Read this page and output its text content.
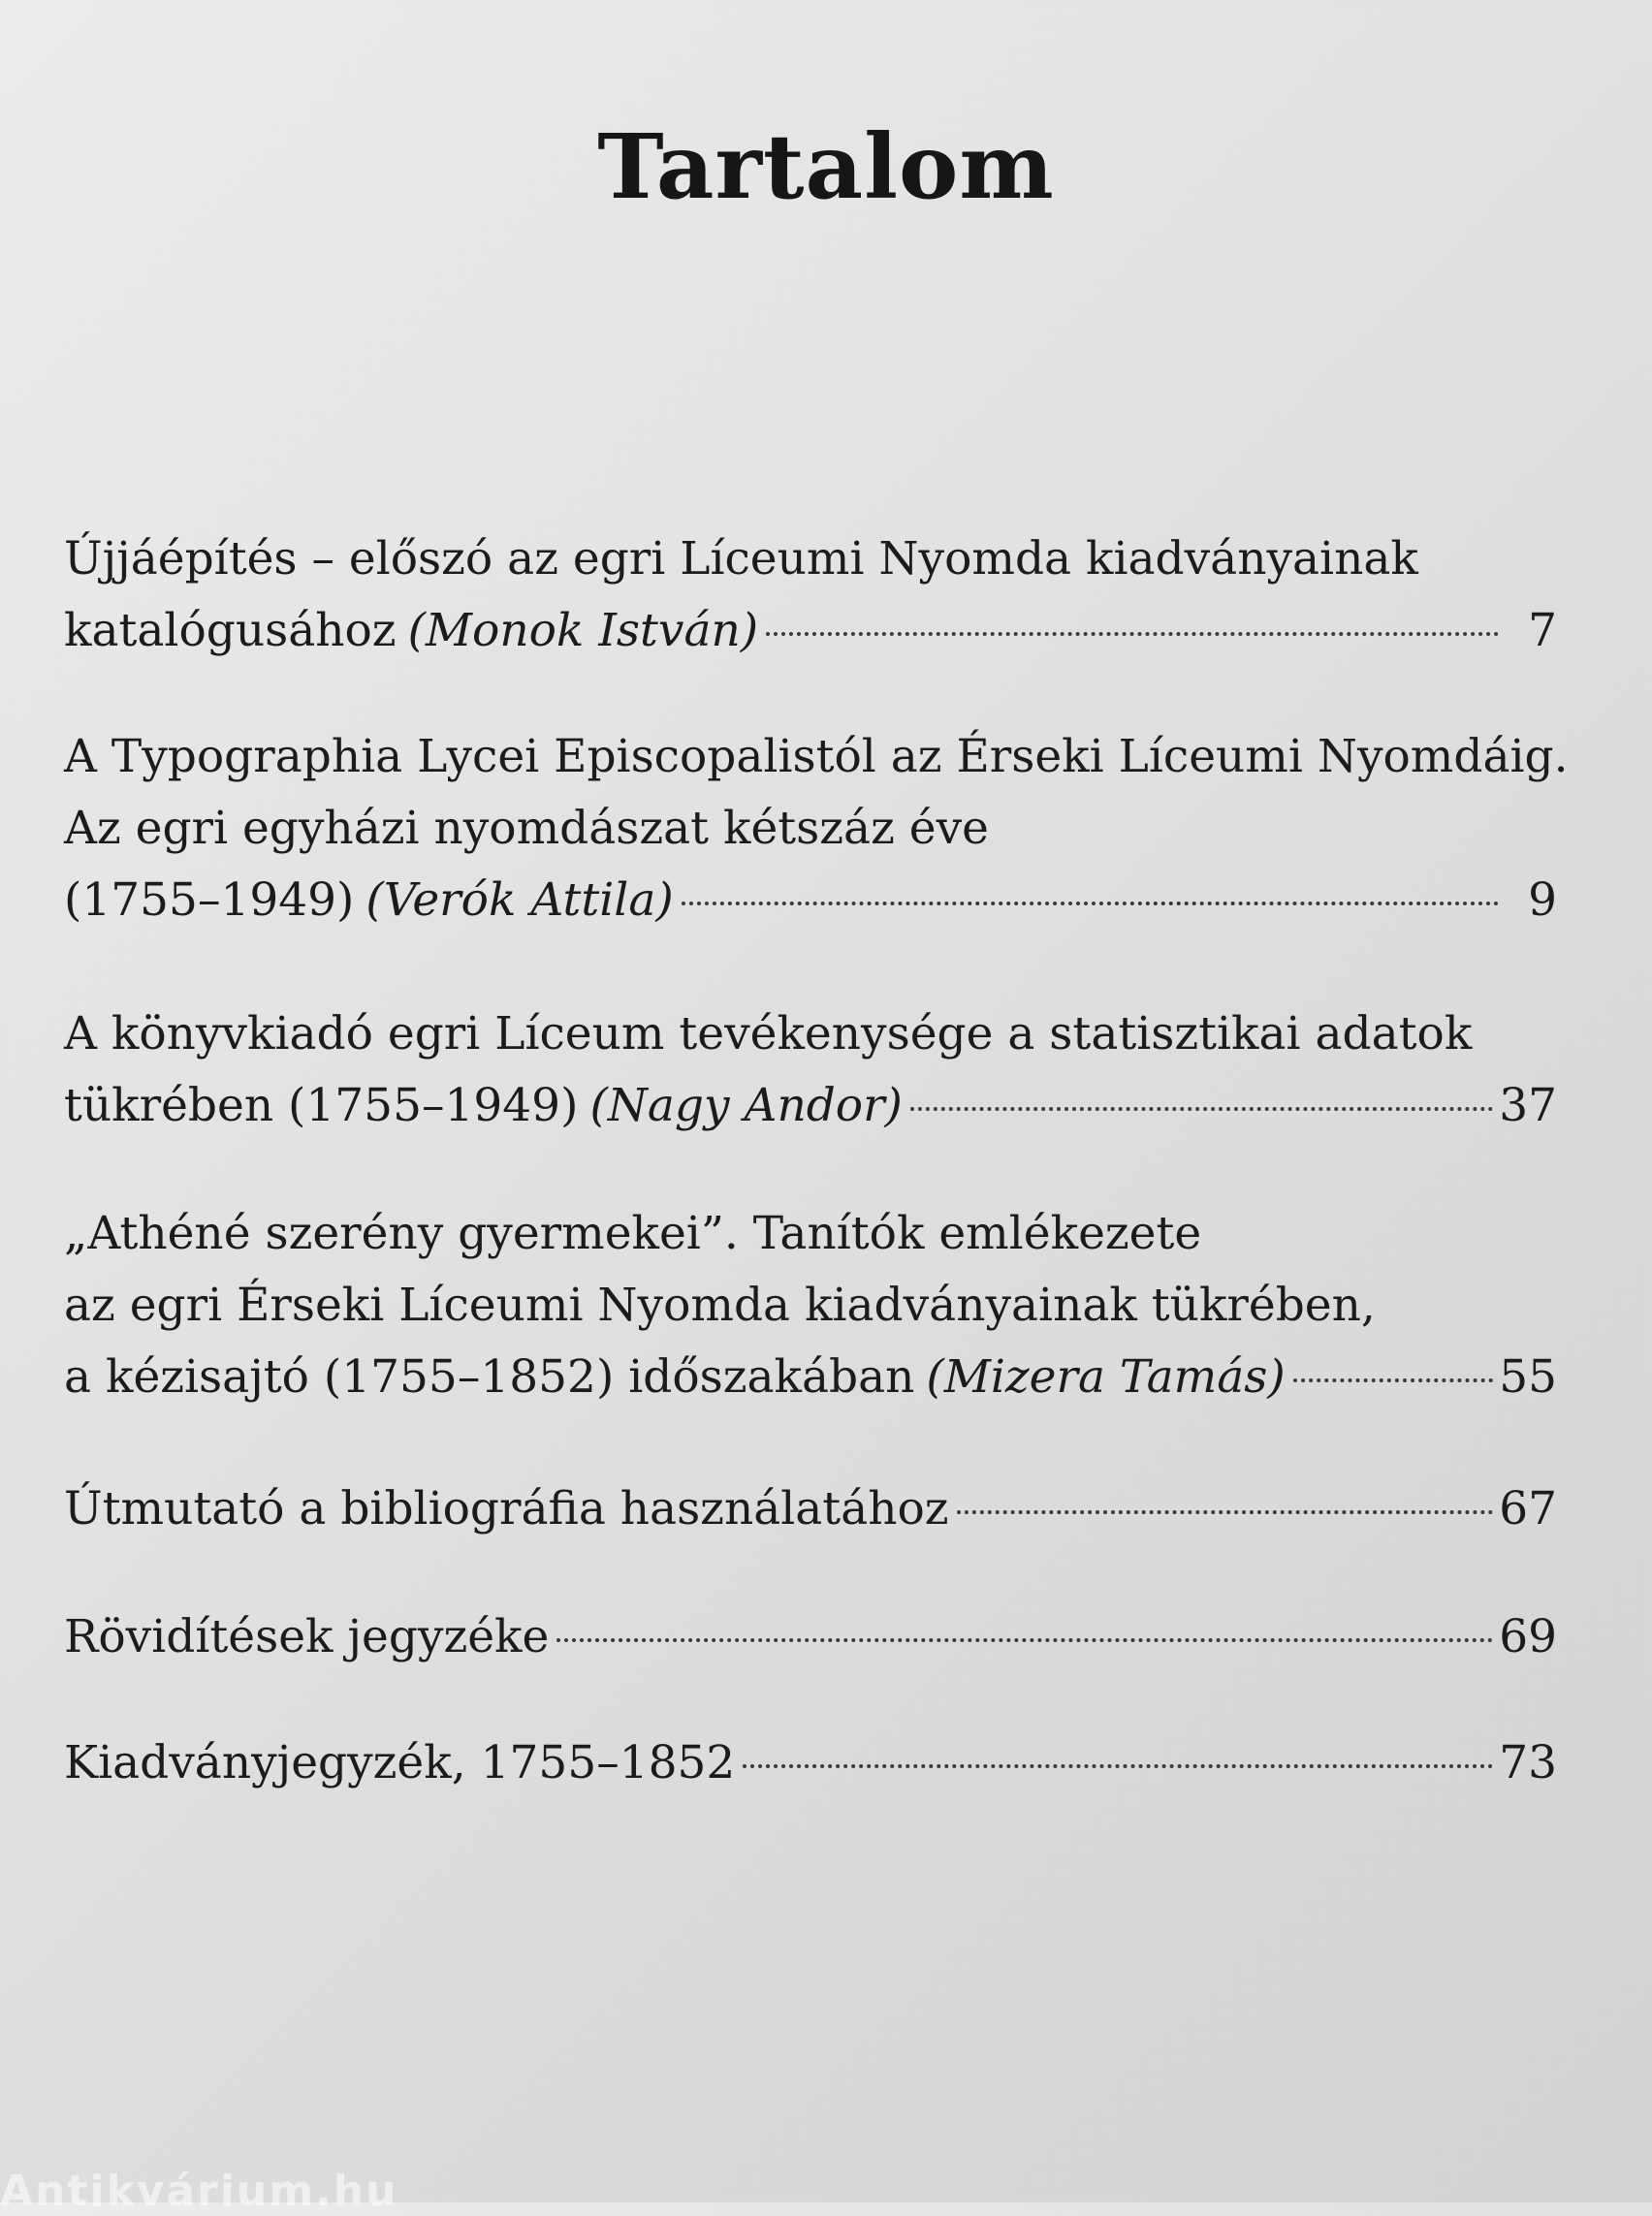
Tartalom
Újjáépítés – előszó az egri Líceumi Nyomda kiadványainak
katalógusához (Monok István)	7
A Typographia Lycei Episcopalistól az Érseki Líceumi Nyomdáig.
Az egri egyházi nyomdászat kétszáz éve
(1755–1949) (Verók Attila)	9
A könyvkiadó egri Líceum tevékenysége a statisztikai adatok
tükrében (1755–1949) (Nagy Andor)	37
„Athéné szerény gyermekei”. Tanítók emlékezete
az egri Érseki Líceumi Nyomda kiadványainak tükrében,
a kézisajtó (1755–1852) időszakában (Mizera Tamás)	55
Útmutató a bibliográfia használatához	67
Rövidítések jegyzéke	69
Kiadványjegyzék, 1755–1852	73
Antikvárium.hu
